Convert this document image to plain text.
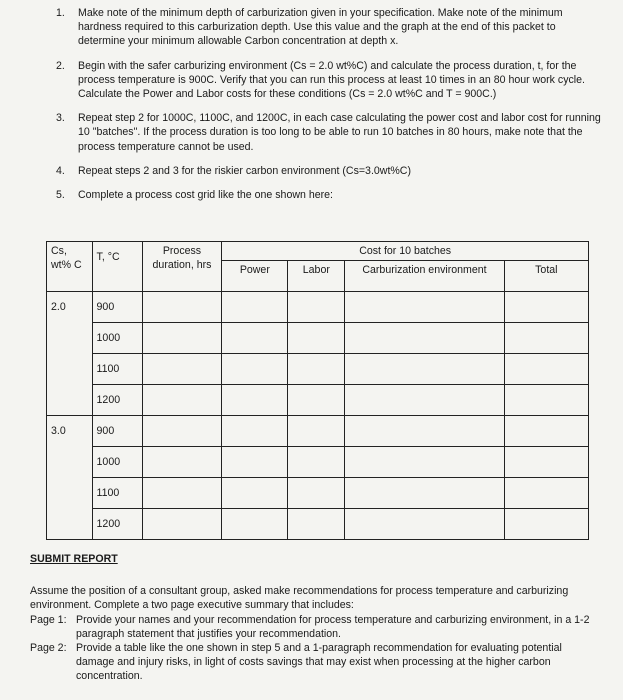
1.	Make note of the minimum depth of carburization given in your specification. Make note of the minimum hardness required to this carburization depth. Use this value and the graph at the end of this packet to determine your minimum allowable Carbon concentration at depth x.
2.	Begin with the safer carburizing environment (Cs = 2.0 wt%C) and calculate the process duration, t, for the process temperature is 900C. Verify that you can run this process at least 10 times in an 80 hour work cycle. Calculate the Power and Labor costs for these conditions (Cs = 2.0 wt%C and T = 900C.)
3.	Repeat step 2 for 1000C, 1100C, and 1200C, in each case calculating the power cost and labor cost for running 10 "batches". If the process duration is too long to be able to run 10 batches in 80 hours, make note that the process temperature cannot be used.
4.	Repeat steps 2 and 3 for the riskier carbon environment (Cs=3.0wt%C)
5.	Complete a process cost grid like the one shown here:
Cs, wt% C	T, °C	Process duration, hrs	Cost for 10 batches			
			Power	Labor	Carburization environment	Total
2.0	900					
	1000					
	1100					
	1200					
3.0	900					
	1000					
	1100					
	1200					
SUBMIT REPORT
Assume the position of a consultant group, asked make recommendations for process temperature and carburizing environment. Complete a two page executive summary that includes:
Page 1: Provide your names and your recommendation for process temperature and carburizing environment, in a 1-2 paragraph statement that justifies your recommendation.
Page 2: Provide a table like the one shown in step 5 and a 1-paragraph recommendation for evaluating potential damage and injury risks, in light of costs savings that may exist when processing at the higher carbon concentration.
